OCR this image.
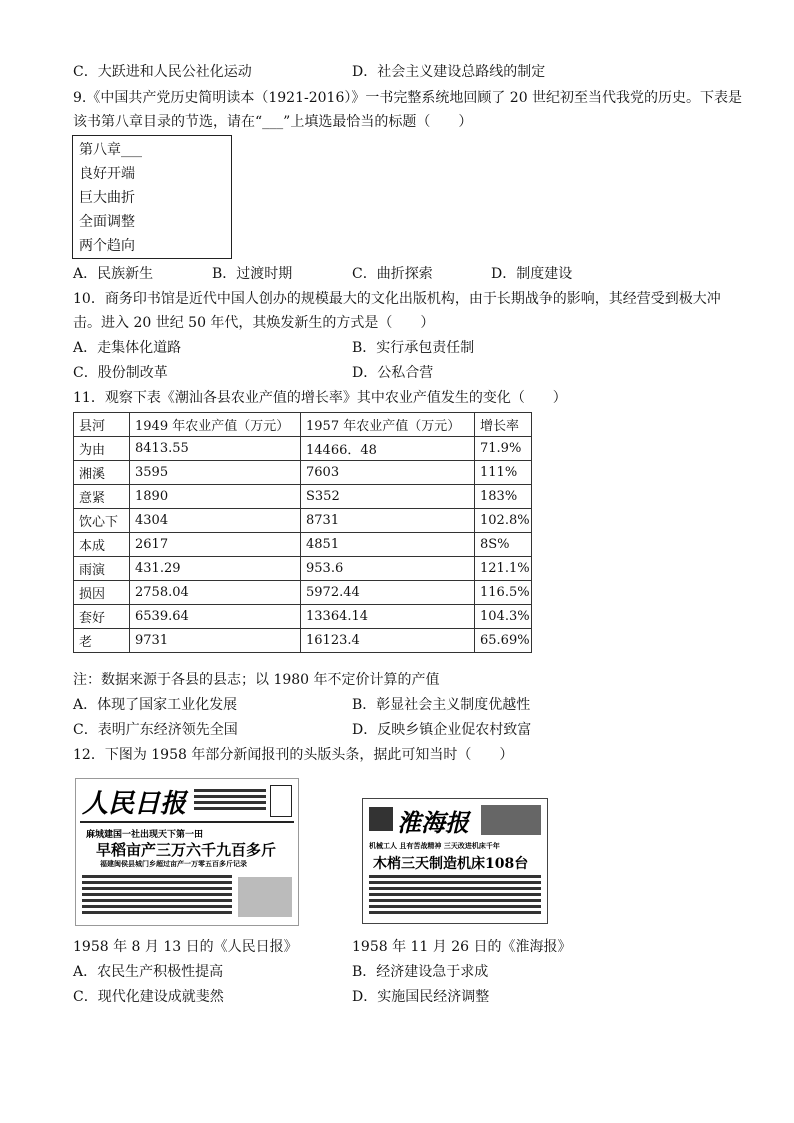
C．大跃进和人民公社化运动	D．社会主义建设总路线的制定
9.《中国共产党历史简明读本（1921-2016）》一书完整系统地回顾了 20 世纪初至当代我党的历史。下表是
该书第八章目录的节选，请在“___”上填选最恰当的标题（　　）
第八章___
良好开端
巨大曲折
全面调整
两个趋向
A．民族新生	B．过渡时期	C．曲折探索	D．制度建设
10．商务印书馆是近代中国人创办的规模最大的文化出版机构，由于长期战争的影响，其经营受到极大冲
击。进入 20 世纪 50 年代，其焕发新生的方式是（　　）
A．走集体化道路	B．实行承包责任制
C．股份制改革	D．公私合营
11．观察下表《潮汕各县农业产值的增长率》其中农业产值发生的变化（　　）
县河	1949 年农业产值（万元）	1957 年农业产值（万元）	增长率
为由	8413.55	14466．48	71.9%
湘溪	3595	7603	111%
意紧	1890	S352	183%
饮心下	4304	8731	102.8%
本成	2617	4851	8S%
雨演	431.29	953.6	121.1%
损因	2758.04	5972.44	116.5%
套好	6539.64	13364.14	104.3%
老	9731	16123.4	65.69%
注：数据来源于各县的县志；以 1980 年不定价计算的产值
A．体现了国家工业化发展	B．彰显社会主义制度优越性
C．表明广东经济领先全国	D．反映乡镇企业促农村致富
12．下图为 1958 年部分新闻报刊的头版头条，据此可知当时（　　）
人民日报
麻城建国一社出现天下第一田
早稻亩产三万六千九百多斤
福建闽侯县城门乡超过亩产一万零五百多斤记录
淮海报
机械工人 且有苦战精神 三天改进机床千年
木梢三天制造机床108台
1958 年 8 月 13 日的《人民日报》	1958 年 11 月 26 日的《淮海报》
A．农民生产积极性提高	B．经济建设急于求成
C．现代化建设成就斐然	D．实施国民经济调整
